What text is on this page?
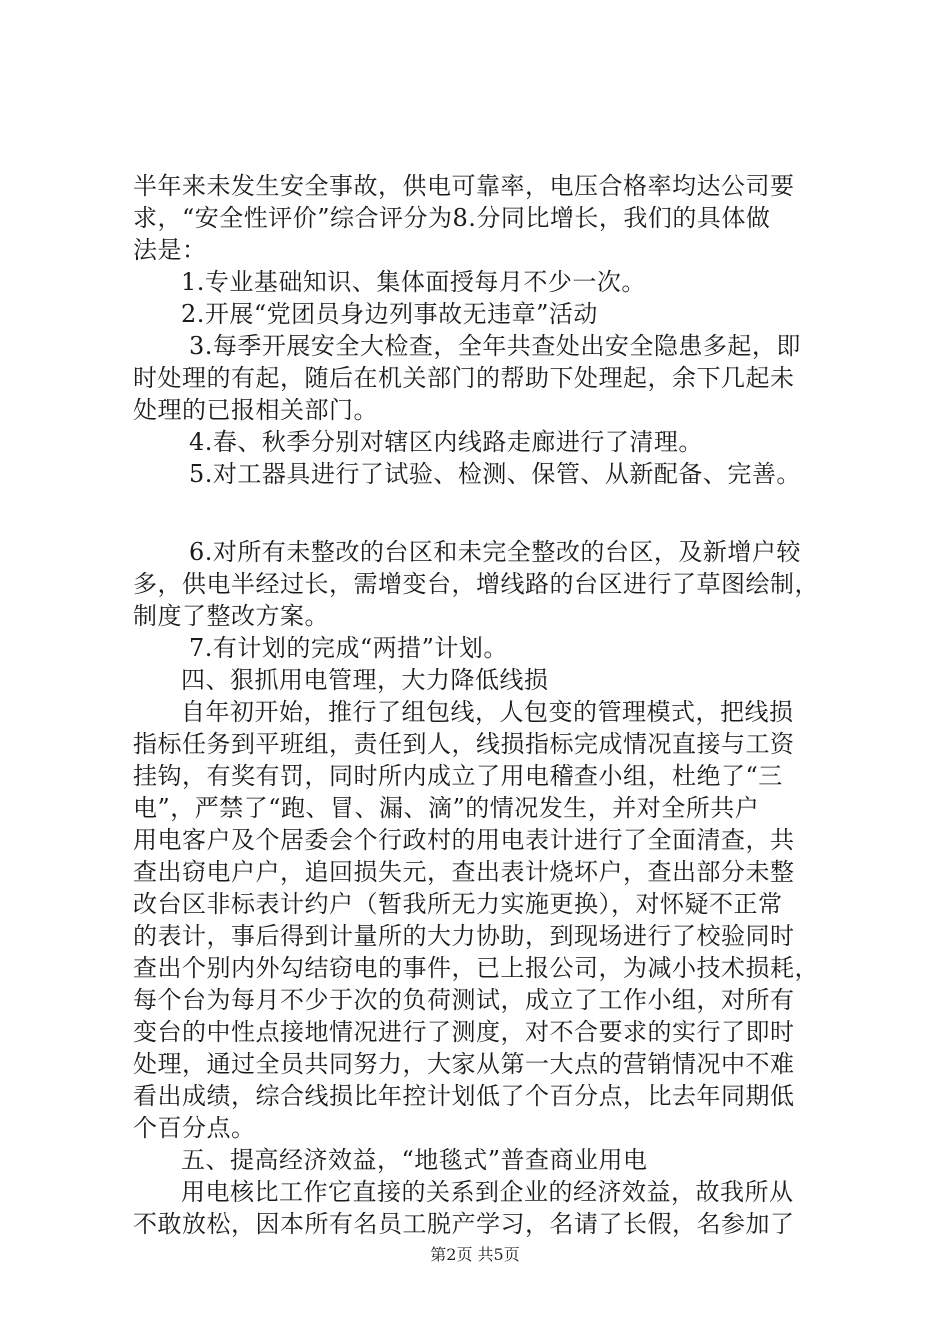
半年来未发生安全事故，供电可靠率，电压合格率均达公司要
求，“安全性评价”综合评分为8.分同比增长，我们的具体做
法是：
1.专业基础知识、集体面授每月不少一次。
2.开展“党团员身边列事故无违章”活动
3.每季开展安全大检查，全年共查处出安全隐患多起，即
时处理的有起，随后在机关部门的帮助下处理起，余下几起未
处理的已报相关部门。
4.春、秋季分别对辖区内线路走廊进行了清理。
5.对工器具进行了试验、检测、保管、从新配备、完善。
6.对所有未整改的台区和未完全整改的台区，及新增户较
多，供电半经过长，需增变台，增线路的台区进行了草图绘制，
制度了整改方案。
7.有计划的完成“两措”计划。
四、狠抓用电管理，大力降低线损
自年初开始，推行了组包线，人包变的管理模式，把线损
指标任务到平班组，责任到人，线损指标完成情况直接与工资
挂钩，有奖有罚，同时所内成立了用电稽查小组，杜绝了“三
电”，严禁了“跑、冒、漏、滴”的情况发生，并对全所共户
用电客户及个居委会个行政村的用电表计进行了全面清查，共
查出窃电户户，追回损失元，查出表计烧坏户，查出部分未整
改台区非标表计约户（暂我所无力实施更换），对怀疑不正常
的表计，事后得到计量所的大力协助，到现场进行了校验同时
查出个别内外勾结窃电的事件，已上报公司，为减小技术损耗，
每个台为每月不少于次的负荷测试，成立了工作小组，对所有
变台的中性点接地情况进行了测度，对不合要求的实行了即时
处理，通过全员共同努力，大家从第一大点的营销情况中不难
看出成绩，综合线损比年控计划低了个百分点，比去年同期低
个百分点。
五、提高经济效益，“地毯式”普查商业用电
用电核比工作它直接的关系到企业的经济效益，故我所从
不敢放松，因本所有名员工脱产学习，名请了长假，名参加了
第2页 共5页
